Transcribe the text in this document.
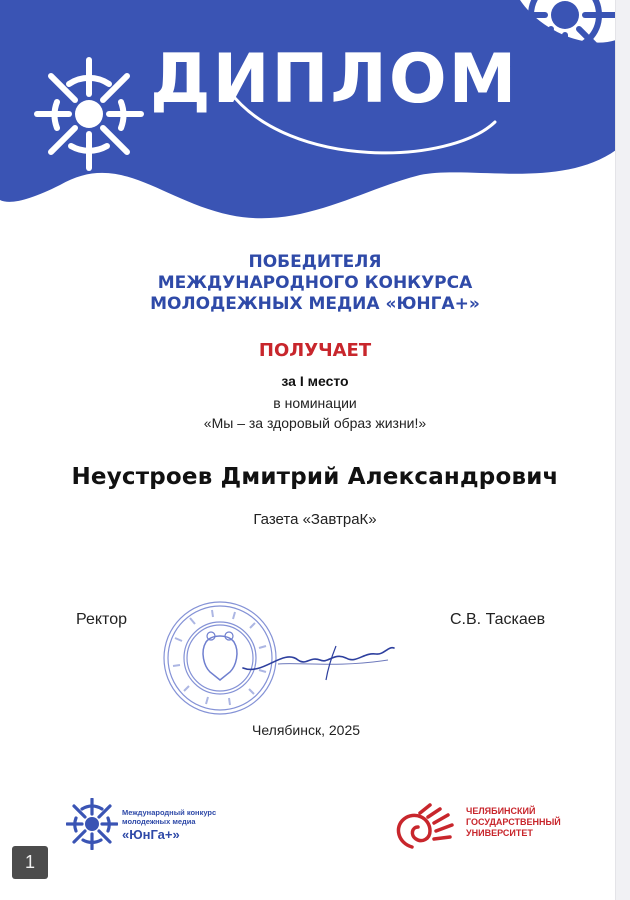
ДИПЛОМ
ПОБЕДИТЕЛЯ
МЕЖДУНАРОДНОГО КОНКУРСА
МОЛОДЕЖНЫХ МЕДИА «ЮНГА+»
ПОЛУЧАЕТ
за I место
в номинации
«Мы – за здоровый образ жизни!»
Неустроев Дмитрий Александрович
Газета «ЗавтраК»
Ректор	С.В. Таскаев
Челябинск, 2025
Международный конкурс молодежных медиа
«ЮнГа+»
ЧЕЛЯБИНСКИЙ ГОСУДАРСТВЕННЫЙ УНИВЕРСИТЕТ
1
